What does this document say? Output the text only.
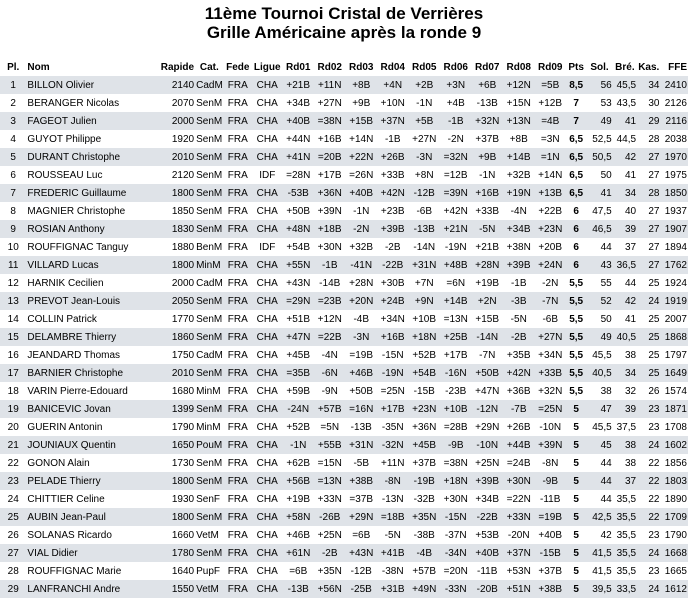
11ème Tournoi Cristal de Verrières
Grille Américaine après la ronde 9
Pl.	Nom	Rapide	Cat.	Fede	Ligue	Rd01	Rd02	Rd03	Rd04	Rd05	Rd06	Rd07	Rd08	Rd09	Pts	Sol.	Bré.	Kas.	FFE
1	BILLON Olivier	2140	CadM	FRA	CHA	+21B	+11N	+8B	+4N	+2B	+3N	+6B	+12N	=5B	8,5	56	45,5	34	2410
2	BERANGER Nicolas	2070	SenM	FRA	CHA	+34B	+27N	+9B	+10N	-1N	+4B	-13B	+15N	+12B	7	53	43,5	30	2126
3	FAGEOT Julien	2000	SenM	FRA	CHA	+40B	=38N	+15B	+37N	+5B	-1B	+32N	+13N	=4B	7	49	41	29	2116
4	GUYOT Philippe	1920	SenM	FRA	CHA	+44N	+16B	+14N	-1B	+27N	-2N	+37B	+8B	=3N	6,5	52,5	44,5	28	2038
5	DURANT Christophe	2010	SenM	FRA	CHA	+41N	=20B	+22N	+26B	-3N	=32N	+9B	+14B	=1N	6,5	50,5	42	27	1970
6	ROUSSEAU Luc	2120	SenM	FRA	IDF	=28N	+17B	=26N	+33B	+8N	=12B	-1N	+32B	+14N	6,5	50	41	27	1975
7	FREDERIC Guillaume	1800	SenM	FRA	CHA	-53B	+36N	+40B	+42N	-12B	=39N	+16B	+19N	+13B	6,5	41	34	28	1850
8	MAGNIER Christophe	1850	SenM	FRA	CHA	+50B	+39N	-1N	+23B	-6B	+42N	+33B	-4N	+22B	6	47,5	40	27	1937
9	ROSIAN Anthony	1830	SenM	FRA	CHA	+48N	+18B	-2N	+39B	-13B	+21N	-5N	+34B	+23N	6	46,5	39	27	1907
10	ROUFFIGNAC Tanguy	1880	BenM	FRA	IDF	+54B	+30N	+32B	-2B	-14N	-19N	+21B	+38N	+20B	6	44	37	27	1894
11	VILLARD Lucas	1800	MinM	FRA	CHA	+55N	-1B	-41N	-22B	+31N	+48B	+28N	+39B	+24N	6	43	36,5	27	1762
12	HARNIK Cecilien	2000	CadM	FRA	CHA	+43N	-14B	+28N	+30B	+7N	=6N	+19B	-1B	-2N	5,5	55	44	25	1924
13	PREVOT Jean-Louis	2050	SenM	FRA	CHA	=29N	=23B	+20N	+24B	+9N	+14B	+2N	-3B	-7N	5,5	52	42	24	1919
14	COLLIN Patrick	1770	SenM	FRA	CHA	+51B	+12N	-4B	+34N	+10B	=13N	+15B	-5N	-6B	5,5	50	41	25	2007
15	DELAMBRE Thierry	1860	SenM	FRA	CHA	+47N	=22B	-3N	+16B	+18N	+25B	-14N	-2B	+27N	5,5	49	40,5	25	1868
16	JEANDARD Thomas	1750	CadM	FRA	CHA	+45B	-4N	=19B	-15N	+52B	+17B	-7N	+35B	+34N	5,5	45,5	38	25	1797
17	BARNIER Christophe	2010	SenM	FRA	CHA	=35B	-6N	+46B	-19N	+54B	-16N	+50B	+42N	+33B	5,5	40,5	34	25	1649
18	VARIN Pierre-Edouard	1680	MinM	FRA	CHA	+59B	-9N	+50B	=25N	-15B	-23B	+47N	+36B	+32N	5,5	38	32	26	1574
19	BANICEVIC Jovan	1399	SenM	FRA	CHA	-24N	+57B	=16N	+17B	+23N	+10B	-12N	-7B	=25N	5	47	39	23	1871
20	GUERIN Antonin	1790	MinM	FRA	CHA	+52B	=5N	-13B	-35N	+36N	=28B	+29N	+26B	-10N	5	45,5	37,5	23	1708
21	JOUNIAUX Quentin	1650	PouM	FRA	CHA	-1N	+55B	+31N	-32N	+45B	-9B	-10N	+44B	+39N	5	45	38	24	1602
22	GONON Alain	1730	SenM	FRA	CHA	+62B	=15N	-5B	+11N	+37B	=38N	+25N	=24B	-8N	5	44	38	22	1856
23	PELADE Thierry	1800	SenM	FRA	CHA	+56B	=13N	+38B	-8N	-19B	+18N	+39B	+30N	-9B	5	44	37	22	1803
24	CHITTIER Celine	1930	SenF	FRA	CHA	+19B	+33N	=37B	-13N	-32B	+30N	+34B	=22N	-11B	5	44	35,5	22	1890
25	AUBIN Jean-Paul	1800	SenM	FRA	CHA	+58N	-26B	+29N	=18B	+35N	-15N	-22B	+33N	=19B	5	42,5	35,5	22	1709
26	SOLANAS Ricardo	1660	VetM	FRA	CHA	+46B	+25N	=6B	-5N	-38B	-37N	+53B	-20N	+40B	5	42	35,5	23	1790
27	VIAL Didier	1780	SenM	FRA	CHA	+61N	-2B	+43N	+41B	-4B	-34N	+40B	+37N	-15B	5	41,5	35,5	24	1668
28	ROUFFIGNAC Marie	1640	PupF	FRA	CHA	=6B	+35N	-12B	-38N	+57B	=20N	-11B	+53N	+37B	5	41,5	35,5	23	1665
29	LANFRANCHI Andre	1550	VetM	FRA	CHA	-13B	+56N	-25B	+31B	+49N	-33N	-20B	+51N	+38B	5	39,5	33,5	24	1612
